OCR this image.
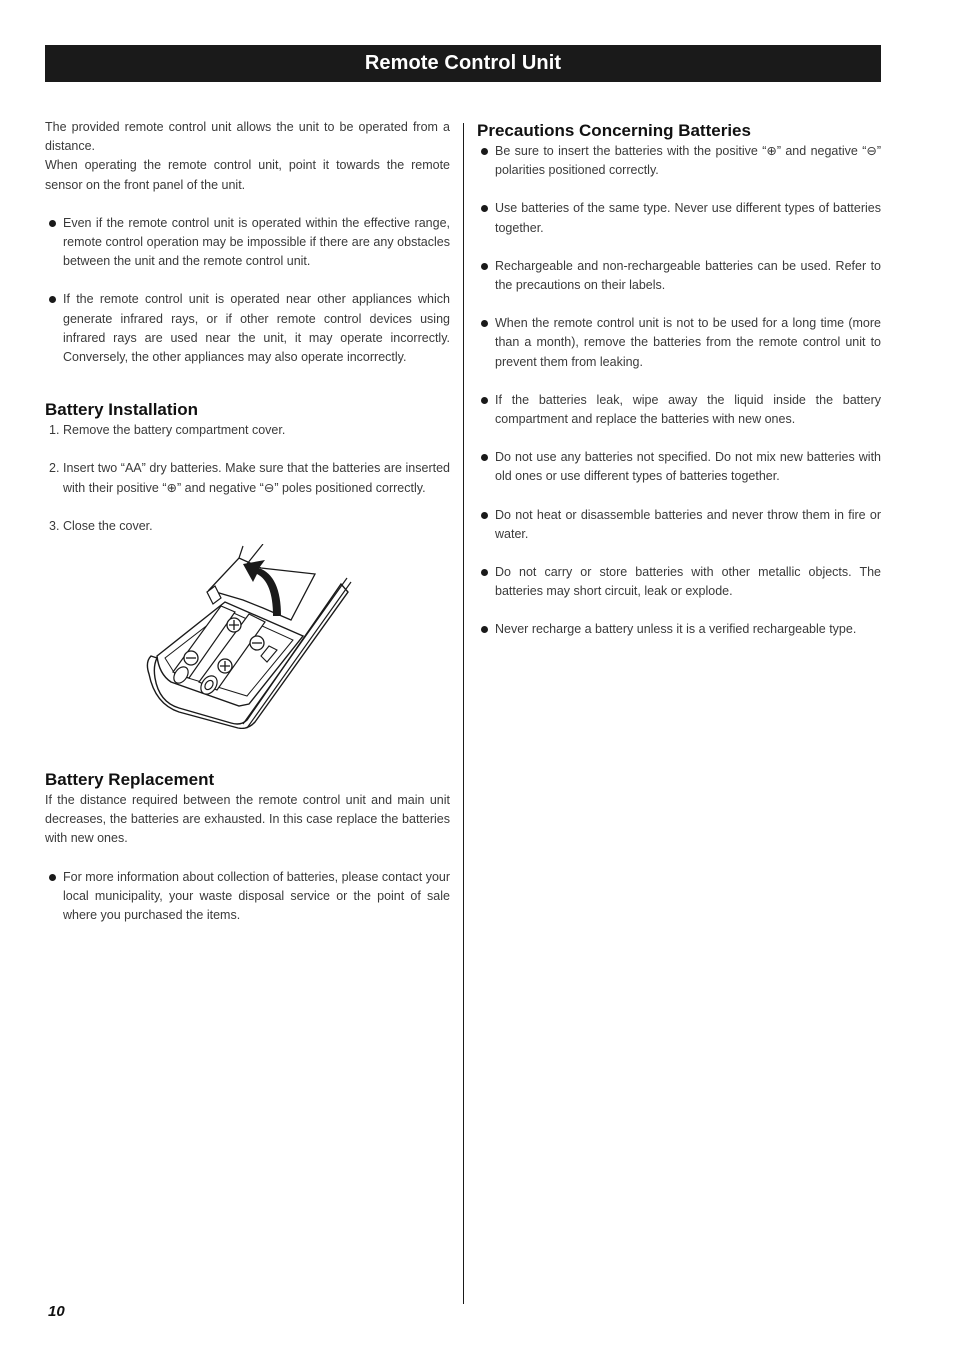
Remote Control Unit

The provided remote control unit allows the unit to be operated from a distance.

When operating the remote control unit, point it towards the remote sensor on the front panel of the unit.

Even if the remote control unit is operated within the effective range, remote control operation may be impossible if there are any obstacles between the unit and the remote control unit.
If the remote control unit is operated near other appliances which generate infrared rays, or if other remote control devices using infrared rays are used near the unit, it may operate incorrectly. Conversely, the other appliances may also operate incorrectly.
Battery Installation
1. Remove the battery compartment cover.
2. Insert two “AA” dry batteries. Make sure that the batteries are inserted with their positive “⊕” and negative “⊖” poles positioned correctly.
3. Close the cover.
Battery Replacement

If the distance required between the remote control unit and main unit decreases, the batteries are exhausted. In this case replace the batteries with new ones.

For more information about collection of batteries, please contact your local municipality, your waste disposal service or the point of sale where you purchased the items.
Precautions Concerning Batteries
Be sure to insert the batteries with the positive “⊕” and negative “⊖” polarities positioned correctly.
Use batteries of the same type. Never use different types of batteries together.
Rechargeable and non-rechargeable batteries can be used. Refer to the precautions on their labels.
When the remote control unit is not to be used for a long time (more than a month), remove the batteries from the remote control unit to prevent them from leaking.
If the batteries leak, wipe away the liquid inside the battery compartment and replace the batteries with new ones.
Do not use any batteries not specified. Do not mix new batteries with old ones or use different types of batteries together.
Do not heat or disassemble batteries and never throw them in fire or water.
Do not carry or store batteries with other metallic objects. The batteries may short circuit, leak or explode.
Never recharge a battery unless it is a verified rechargeable type.
10
